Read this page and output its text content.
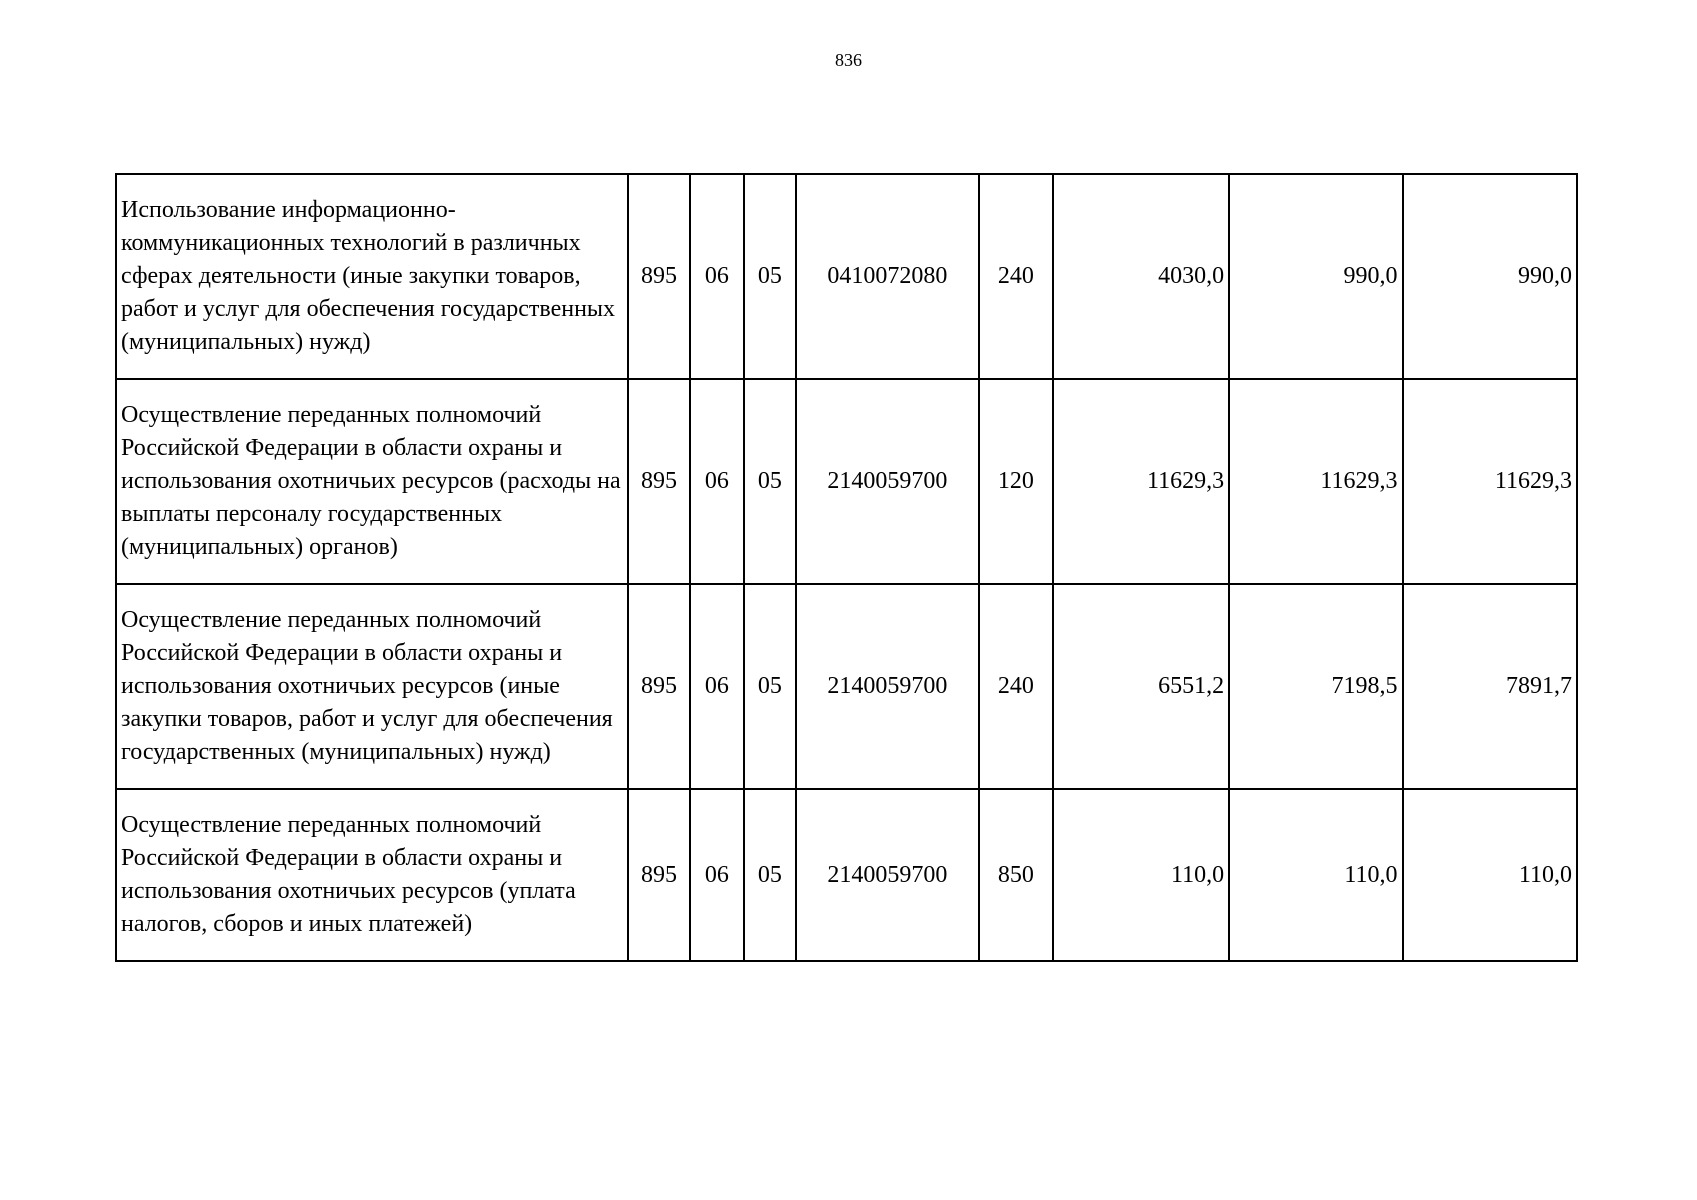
836
Использование информационно-коммуникационных технологий в различных сферах деятельности (иные закупки товаров, работ и услуг для обеспечения государственных (муниципальных) нужд)	895	06	05	0410072080	240	4030,0	990,0	990,0
Осуществление переданных полномочий Российской Федерации в области охраны и использования охотничьих ресурсов (расходы на выплаты персоналу государственных (муниципальных) органов)	895	06	05	2140059700	120	11629,3	11629,3	11629,3
Осуществление переданных полномочий Российской Федерации в области охраны и использования охотничьих ресурсов (иные закупки товаров, работ и услуг для обеспечения государственных (муниципальных) нужд)	895	06	05	2140059700	240	6551,2	7198,5	7891,7
Осуществление переданных полномочий Российской Федерации в области охраны и использования охотничьих ресурсов (уплата налогов, сборов и иных платежей)	895	06	05	2140059700	850	110,0	110,0	110,0
